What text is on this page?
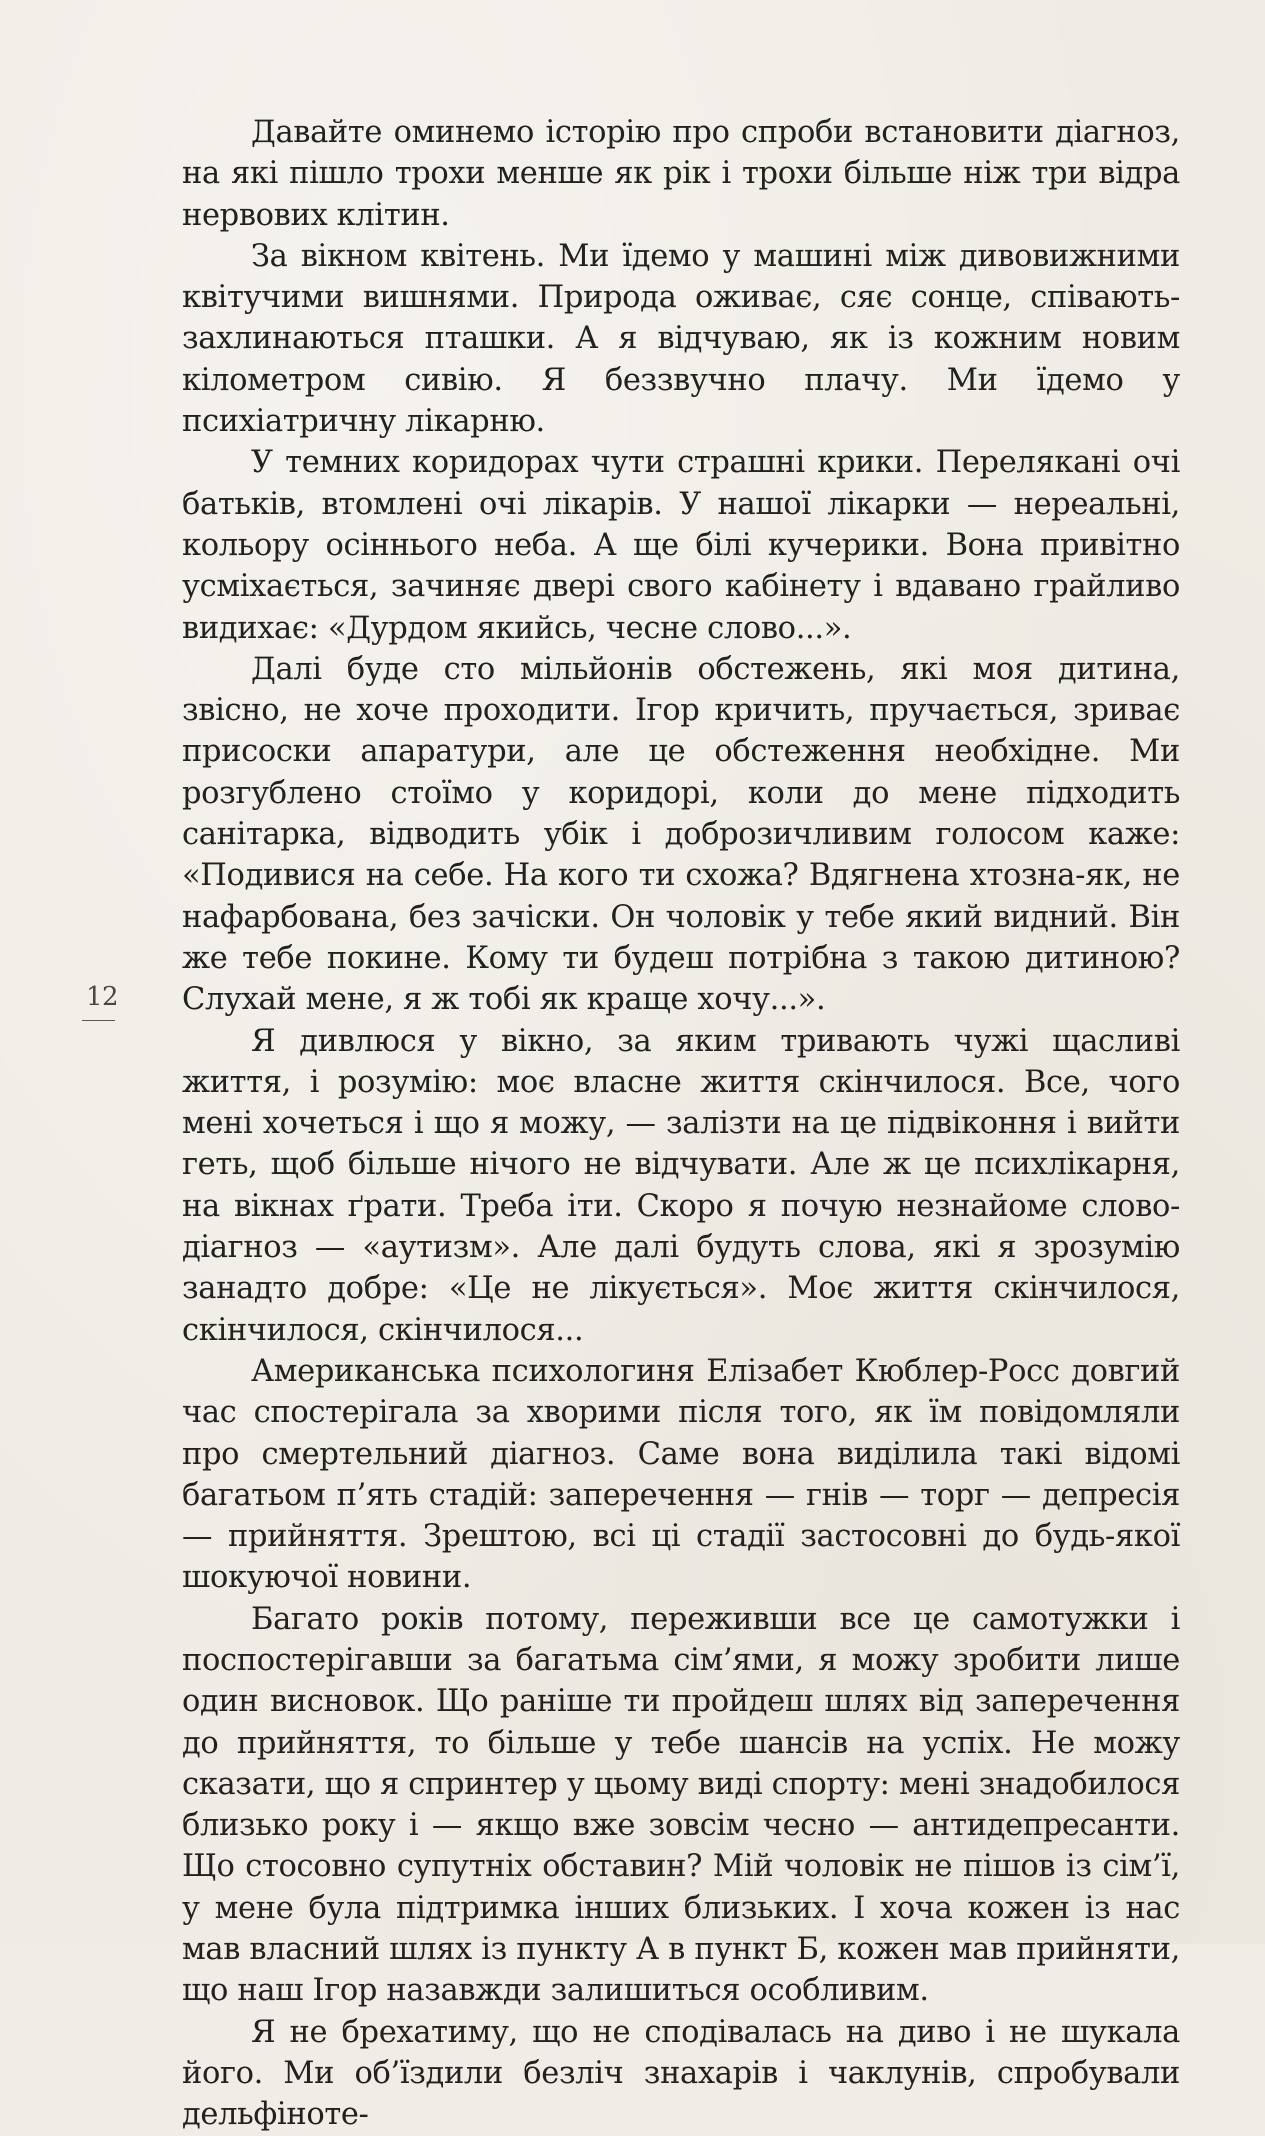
Давайте оминемо історію про спроби встановити діагноз, на які пішло трохи менше як рік і трохи більше ніж три відра нервових клітин.

За вікном квітень. Ми їдемо у машині між дивовижними квітучими вишнями. Природа оживає, сяє сонце, співають-захлинаються пташки. А я відчуваю, як із кожним новим кілометром сивію. Я беззвучно плачу. Ми їдемо у психіатричну лікарню.

У темних коридорах чути страшні крики. Перелякані очі батьків, втомлені очі лікарів. У нашої лікарки — нереальні, кольору осіннього неба. А ще білі кучерики. Вона привітно усміхається, зачиняє двері свого кабінету і вдавано грайливо видихає: «Дурдом якийсь, чесне слово...».

Далі буде сто мільйонів обстежень, які моя дитина, звісно, не хоче проходити. Ігор кричить, пручається, зриває присоски апаратури, але це обстеження необхідне. Ми розгублено стоїмо у коридорі, коли до мене підходить санітарка, відводить убік і доброзичливим голосом каже: «Подивися на себе. На кого ти схожа? Вдягнена хтозна-як, не нафарбована, без зачіски. Он чоловік у тебе який видний. Він же тебе покине. Кому ти будеш потрібна з такою дитиною? Слухай мене, я ж тобі як краще хочу...».

Я дивлюся у вікно, за яким тривають чужі щасливі життя, і розумію: моє власне життя скінчилося. Все, чого мені хочеться і що я можу, — залізти на це підвіконня і вийти геть, щоб більше нічого не відчувати. Але ж це психлікарня, на вікнах ґрати. Треба іти. Скоро я почую незнайоме слово-діагноз — «аутизм». Але далі будуть слова, які я зрозумію занадто добре: «Це не лікується». Моє життя скінчилося, скінчилося, скінчилося...

Американська психологиня Елізабет Кюблер-Росс довгий час спостерігала за хворими після того, як їм повідомляли про смертельний діагноз. Саме вона виділила такі відомі багатьом п’ять стадій: заперечення — гнів — торг — депресія — прийняття. Зрештою, всі ці стадії застосовні до будь-якої шокуючої новини.

Багато років потому, переживши все це самотужки і поспостерігавши за багатьма сім’ями, я можу зробити лише один висновок. Що раніше ти пройдеш шлях від заперечення до прийняття, то більше у тебе шансів на успіх. Не можу сказати, що я спринтер у цьому виді спорту: мені знадобилося близько року і — якщо вже зовсім чесно — антидепресанти. Що стосовно супутніх обставин? Мій чоловік не пішов із сім’ї, у мене була підтримка інших близьких. І хоча кожен із нас мав власний шлях із пункту А в пункт Б, кожен мав прийняти, що наш Ігор назавжди залишиться особливим.

Я не брехатиму, що не сподівалась на диво і не шукала його. Ми об’їздили безліч знахарів і чаклунів, спробували дельфіноте-

12
